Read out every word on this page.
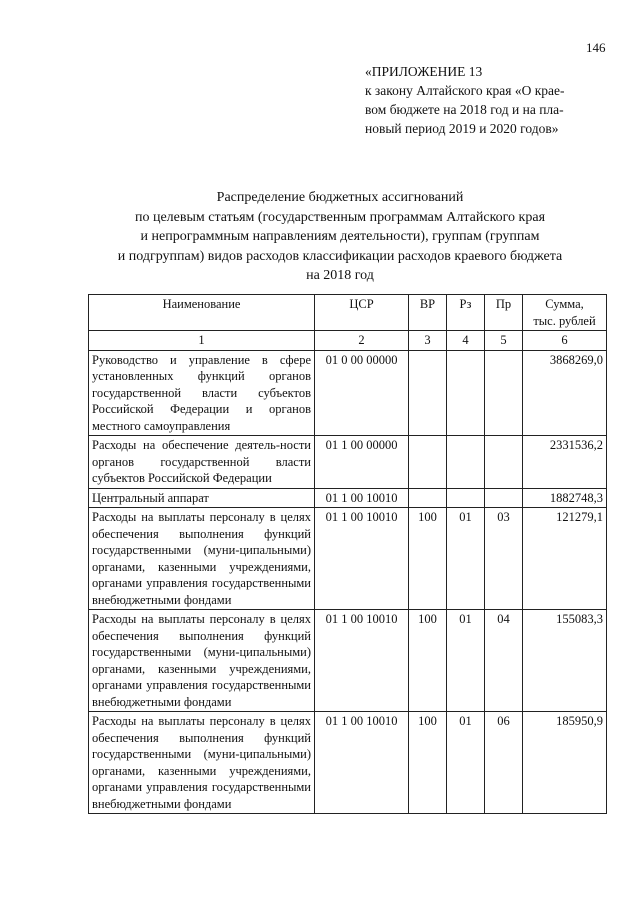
146
«ПРИЛОЖЕНИЕ 13
к закону Алтайского края «О крае-
вом бюджете на 2018 год и на пла-
новый период 2019 и 2020 годов»
Распределение бюджетных ассигнований
по целевым статьям (государственным программам Алтайского края
и непрограммным направлениям деятельности), группам (группам
и подгруппам) видов расходов классификации расходов краевого бюджета
на 2018 год
Наименование	ЦСР	ВР	Рз	Пр	Сумма,
тыс. рублей

1	2	3	4	5	6
Руководство и управление в сфере установленных функций органов государственной власти субъектов Российской Федерации и органов местного самоуправления	01 0 00 00000				3868269,0
Расходы на обеспечение деятель-ности органов государственной власти субъектов Российской Федерации	01 1 00 00000				2331536,2
Центральный аппарат	01 1 00 10010				1882748,3
Расходы на выплаты персоналу в целях обеспечения выполнения функций государственными (муни-ципальными) органами, казенными учреждениями, органами управления государственными внебюджетными фондами	01 1 00 10010	100	01	03	121279,1
Расходы на выплаты персоналу в целях обеспечения выполнения функций государственными (муни-ципальными) органами, казенными учреждениями, органами управления государственными внебюджетными фондами	01 1 00 10010	100	01	04	155083,3
Расходы на выплаты персоналу в целях обеспечения выполнения функций государственными (муни-ципальными) органами, казенными учреждениями, органами управления государственными внебюджетными фондами	01 1 00 10010	100	01	06	185950,9
